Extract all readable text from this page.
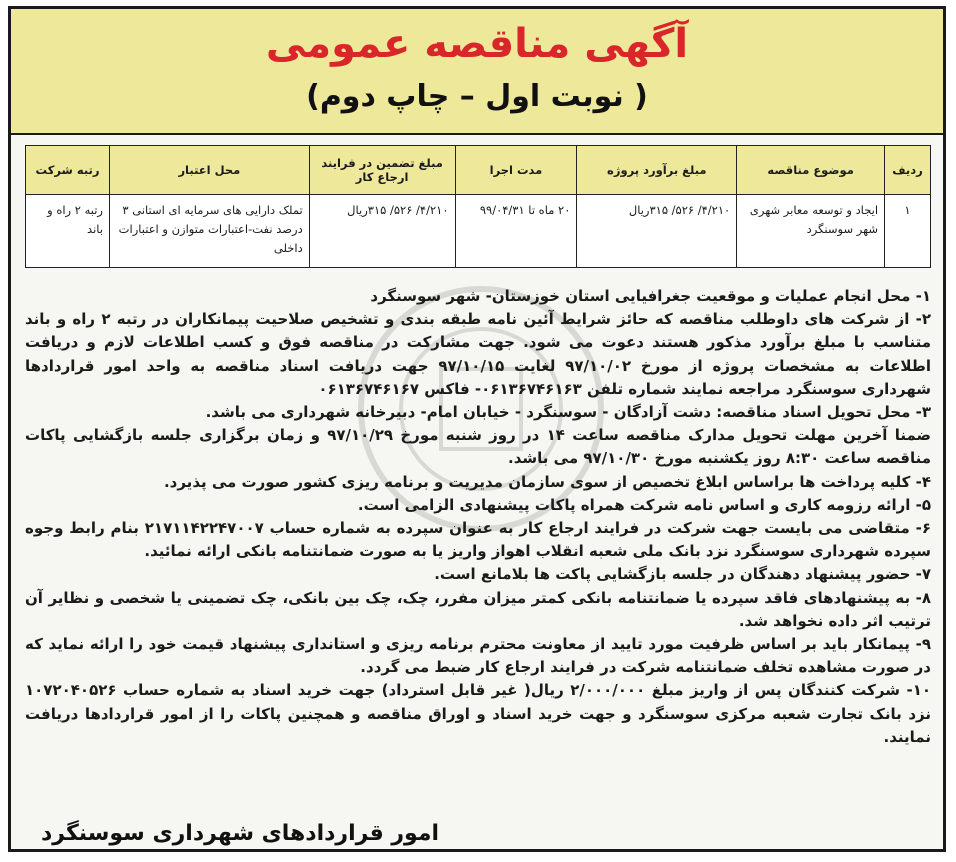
آگهی مناقصه عمومی
( نوبت اول – چاپ دوم)
ردیف	موضوع مناقصه	مبلغ برآورد پروژه	مدت اجرا	مبلغ تضمین در فرایند ارجاع کار	محل اعتبار	رتبه شرکت
۱	ایجاد و توسعه معابر شهری شهر سوسنگرد	۴/۲۱۰/ ۵۲۶/ ۳۱۵ریال	۲۰ ماه تا ۹۹/۰۴/۳۱	۴/۲۱۰/ ۵۲۶/ ۳۱۵ریال	تملک دارایی های سرمایه ای استانی ۳ درصد نفت-اعتبارات متوازن و اعتبارات داخلی	رتبه ۲ راه و باند

۱- محل انجام عملیات و موقعیت جغرافیایی استان خوزستان- شهر سوسنگرد

۲- از شرکت های داوطلب مناقصه که حائز شرایط آئین نامه طبقه بندی و تشخیص صلاحیت پیمانکاران در رتبه ۲ راه و باند متناسب با مبلغ برآورد مذکور هستند دعوت می شود. جهت مشارکت در مناقصه فوق و کسب اطلاعات لازم و دریافت اطلاعات به مشخصات پروژه از مورخ ۹۷/۱۰/۰۲ لغایت ۹۷/۱۰/۱۵ جهت دریافت اسناد مناقصه به واحد امور قراردادها شهرداری سوسنگرد مراجعه نمایند شماره تلفن ۰۶۱۳۶۷۴۶۱۶۳- فاکس ۰۶۱۳۶۷۴۶۱۶۷

۳- محل تحویل اسناد مناقصه: دشت آزادگان - سوسنگرد - خیابان امام- دبیرخانه شهرداری می باشد.

ضمنا آخرین مهلت تحویل مدارک مناقصه ساعت ۱۴ در روز شنبه مورخ ۹۷/۱۰/۲۹ و زمان برگزاری جلسه بازگشایی پاکات مناقصه ساعت ۸:۳۰ روز یکشنبه مورخ ۹۷/۱۰/۳۰ می باشد.

۴- کلیه پرداخت ها براساس ابلاغ تخصیص از سوی سازمان مدیریت و برنامه ریزی کشور صورت می پذیرد.

۵- ارائه رزومه کاری و اساس نامه شرکت همراه پاکات پیشنهادی الزامی است.

۶- متقاضی می بایست جهت شرکت در فرایند ارجاع کار به عنوان سپرده به شماره حساب ۲۱۷۱۱۴۲۲۴۷۰۰۷ بنام رابط وجوه سپرده شهرداری سوسنگرد نزد بانک ملی شعبه انقلاب اهواز واریز یا به صورت ضمانتنامه بانکی ارائه نمائید.

۷- حضور پیشنهاد دهندگان در جلسه بازگشایی پاکت ها بلامانع است.

۸- به پیشنهادهای فاقد سپرده یا ضمانتنامه بانکی کمتر میزان مفرر، چک، چک بین بانکی، چک تضمینی یا شخصی و نظایر آن ترتیب اثر داده نخواهد شد.

۹- پیمانکار باید بر اساس ظرفیت مورد تایید از معاونت محترم برنامه ریزی و استانداری پیشنهاد قیمت خود را ارائه نماید که در صورت مشاهده تخلف ضمانتنامه شرکت در فرایند ارجاع کار ضبط می گردد.

۱۰- شرکت کنندگان پس از واریز مبلغ ۲/۰۰۰/۰۰۰ ریال( غیر قابل استرداد) جهت خرید اسناد به شماره حساب ۱۰۷۲۰۴۰۵۲۶ نزد بانک تجارت شعبه مرکزی سوسنگرد و جهت خرید اسناد و اوراق مناقصه و همچنین پاکات را از امور قراردادها دریافت نمایند.

امور قراردادهای شهرداری سوسنگرد
